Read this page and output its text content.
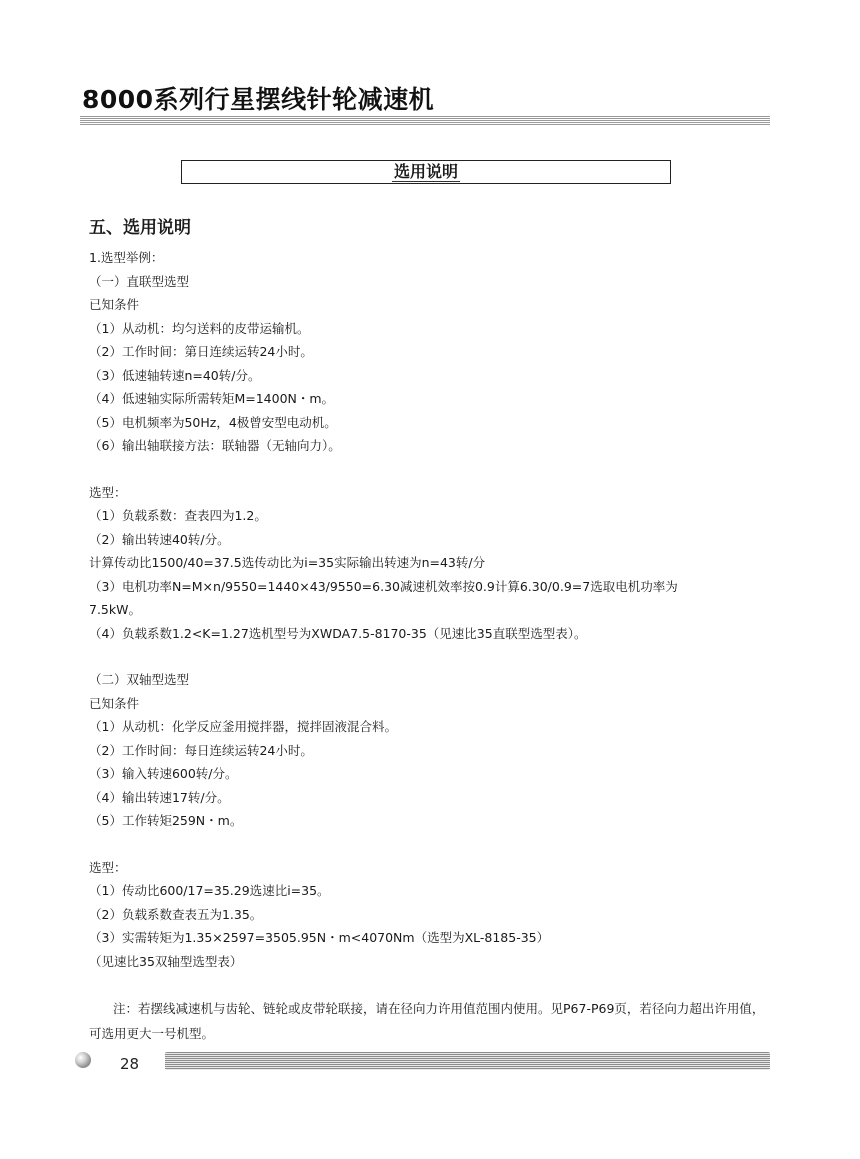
8000系列行星摆线针轮减速机
选用说明
五、选用说明
1.选型举例：
（一）直联型选型
已知条件
（1）从动机：均匀送料的皮带运输机。
（2）工作时间：第日连续运转24小时。
（3）低速轴转速n=40转/分。
（4）低速轴实际所需转矩M=1400N・m。
（5）电机频率为50Hz，4极曾安型电动机。
（6）输出轴联接方法：联轴器（无轴向力）。
选型：
（1）负载系数：查表四为1.2。
（2）输出转速40转/分。
计算传动比1500/40=37.5选传动比为i=35实际输出转速为n=43转/分
（3）电机功率N=M×n/9550=1440×43/9550=6.30减速机效率按0.9计算6.30/0.9=7选取电机功率为
7.5kW。
（4）负载系数1.2<K=1.27选机型号为XWDA7.5-8170-35（见速比35直联型选型表）。
（二）双轴型选型
已知条件
（1）从动机：化学反应釜用搅拌器，搅拌固液混合料。
（2）工作时间：每日连续运转24小时。
（3）输入转速600转/分。
（4）输出转速17转/分。
（5）工作转矩259N・m。
选型：
（1）传动比600/17=35.29选速比i=35。
（2）负载系数查表五为1.35。
（3）实需转矩为1.35×2597=3505.95N・m<4070Nm（选型为XL-8185-35）
（见速比35双轴型选型表）
注：若摆线减速机与齿轮、链轮或皮带轮联接，请在径向力许用值范围内使用。见P67-P69页，若径向力超出许用值，可选用更大一号机型。
28
